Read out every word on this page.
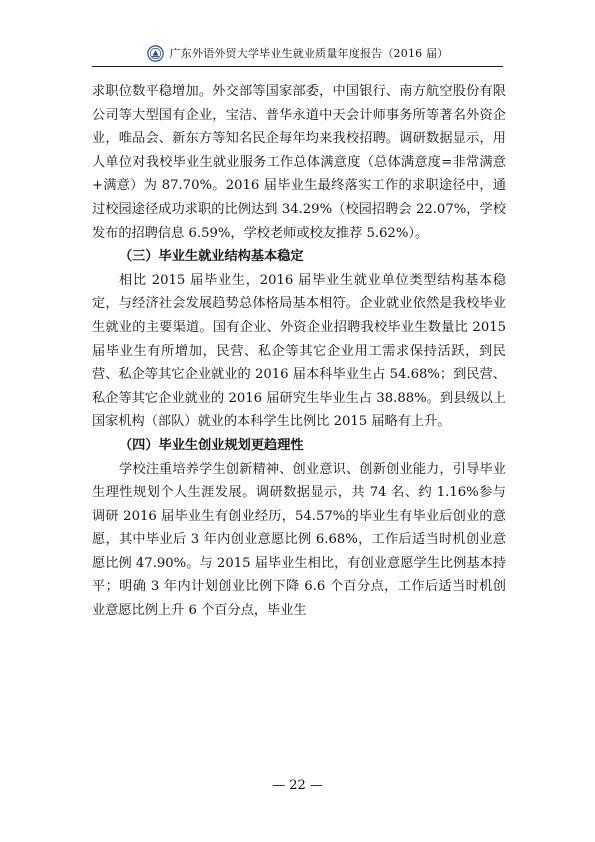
广东外语外贸大学毕业生就业质量年度报告（2016 届）

求职位数平稳增加。外交部等国家部委，中国银行、南方航空股份有限公司等大型国有企业，宝洁、普华永道中天会计师事务所等著名外资企业，唯品会、新东方等知名民企每年均来我校招聘。调研数据显示，用人单位对我校毕业生就业服务工作总体满意度（总体满意度=非常满意+满意）为 87.70%。2016 届毕业生最终落实工作的求职途径中，通过校园途径成功求职的比例达到 34.29%（校园招聘会 22.07%，学校发布的招聘信息 6.59%，学校老师或校友推荐 5.62%）。

（三）毕业生就业结构基本稳定

相比 2015 届毕业生，2016 届毕业生就业单位类型结构基本稳定，与经济社会发展趋势总体格局基本相符。企业就业依然是我校毕业生就业的主要渠道。国有企业、外资企业招聘我校毕业生数量比 2015 届毕业生有所增加，民营、私企等其它企业用工需求保持活跃，到民营、私企等其它企业就业的 2016 届本科毕业生占 54.68%；到民营、私企等其它企业就业的 2016 届研究生毕业生占 38.88%。到县级以上国家机构（部队）就业的本科学生比例比 2015 届略有上升。

（四）毕业生创业规划更趋理性

学校注重培养学生创新精神、创业意识、创新创业能力，引导毕业生理性规划个人生涯发展。调研数据显示，共 74 名、约 1.16%参与调研 2016 届毕业生有创业经历，54.57%的毕业生有毕业后创业的意愿，其中毕业后 3 年内创业意愿比例 6.68%，工作后适当时机创业意愿比例 47.90%。与 2015 届毕业生相比，有创业意愿学生比例基本持平；明确 3 年内计划创业比例下降 6.6 个百分点，工作后适当时机创业意愿比例上升 6 个百分点，毕业生

— 22 —
